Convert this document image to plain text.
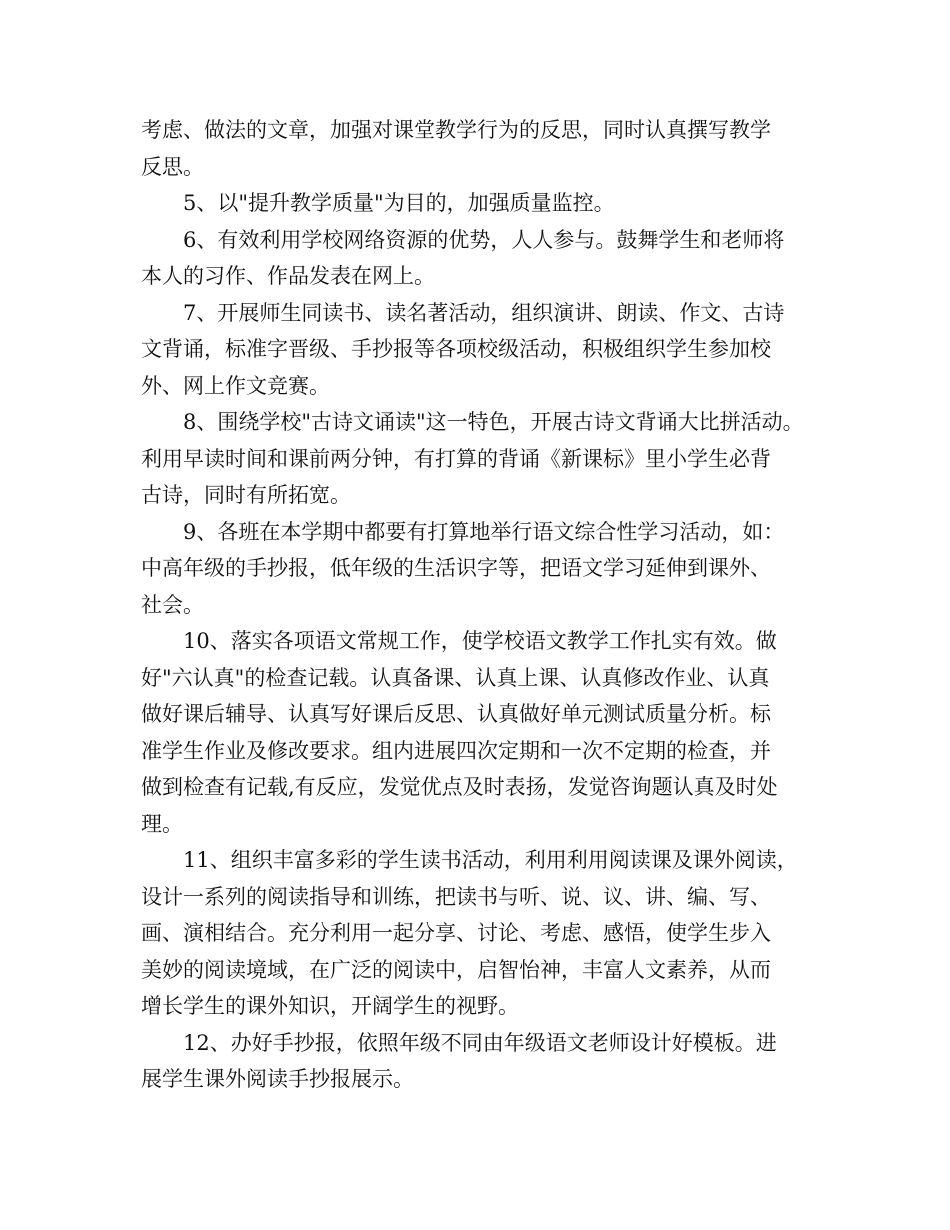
考虑、做法的文章，加强对课堂教学行为的反思，同时认真撰写教学
反思。

5、以"提升教学质量"为目的，加强质量监控。

6、有效利用学校网络资源的优势，人人参与。鼓舞学生和老师将
本人的习作、作品发表在网上。

7、开展师生同读书、读名著活动，组织演讲、朗读、作文、古诗
文背诵，标准字晋级、手抄报等各项校级活动，积极组织学生参加校
外、网上作文竞赛。

8、围绕学校"古诗文诵读"这一特色，开展古诗文背诵大比拼活动。
利用早读时间和课前两分钟，有打算的背诵《新课标》里小学生必背
古诗，同时有所拓宽。

9、各班在本学期中都要有打算地举行语文综合性学习活动，如：
中高年级的手抄报，低年级的生活识字等，把语文学习延伸到课外、
社会。

10、落实各项语文常规工作，使学校语文教学工作扎实有效。做
好"六认真"的检查记载。认真备课、认真上课、认真修改作业、认真
做好课后辅导、认真写好课后反思、认真做好单元测试质量分析。标
准学生作业及修改要求。组内进展四次定期和一次不定期的检查，并
做到检查有记载,有反应，发觉优点及时表扬，发觉咨询题认真及时处
理。

11、组织丰富多彩的学生读书活动，利用利用阅读课及课外阅读，
设计一系列的阅读指导和训练，把读书与听、说、议、讲、编、写、
画、演相结合。充分利用一起分享、讨论、考虑、感悟，使学生步入
美妙的阅读境域，在广泛的阅读中，启智怡神，丰富人文素养，从而
增长学生的课外知识，开阔学生的视野。

12、办好手抄报，依照年级不同由年级语文老师设计好模板。进
展学生课外阅读手抄报展示。
